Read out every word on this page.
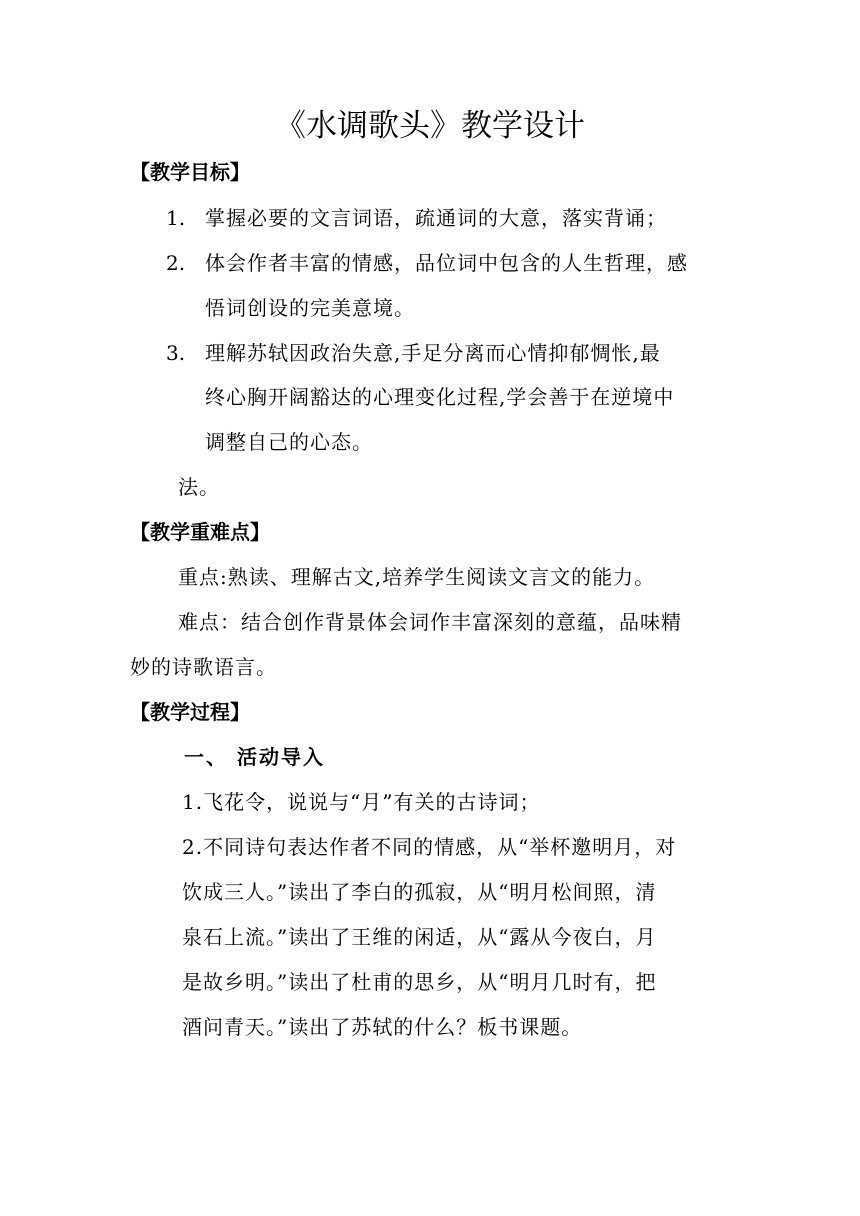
《水调歌头》教学设计
【教学目标】
1. 掌握必要的文言词语，疏通词的大意，落实背诵；
2. 体会作者丰富的情感，品位词中包含的人生哲理，感
悟词创设的完美意境。
3. 理解苏轼因政治失意,手足分离而心情抑郁惆怅,最
终心胸开阔豁达的心理变化过程,学会善于在逆境中
调整自己的心态。
法。
【教学重难点】
重点:熟读、理解古文,培养学生阅读文言文的能力。
难点：结合创作背景体会词作丰富深刻的意蕴，品味精
妙的诗歌语言。
【教学过程】
一、 活动导入
1.飞花令，说说与“月”有关的古诗词；
2.不同诗句表达作者不同的情感，从“举杯邀明月，对
饮成三人。”读出了李白的孤寂，从“明月松间照，清
泉石上流。”读出了王维的闲适，从“露从今夜白，月
是故乡明。”读出了杜甫的思乡，从“明月几时有，把
酒问青天。”读出了苏轼的什么？板书课题。
